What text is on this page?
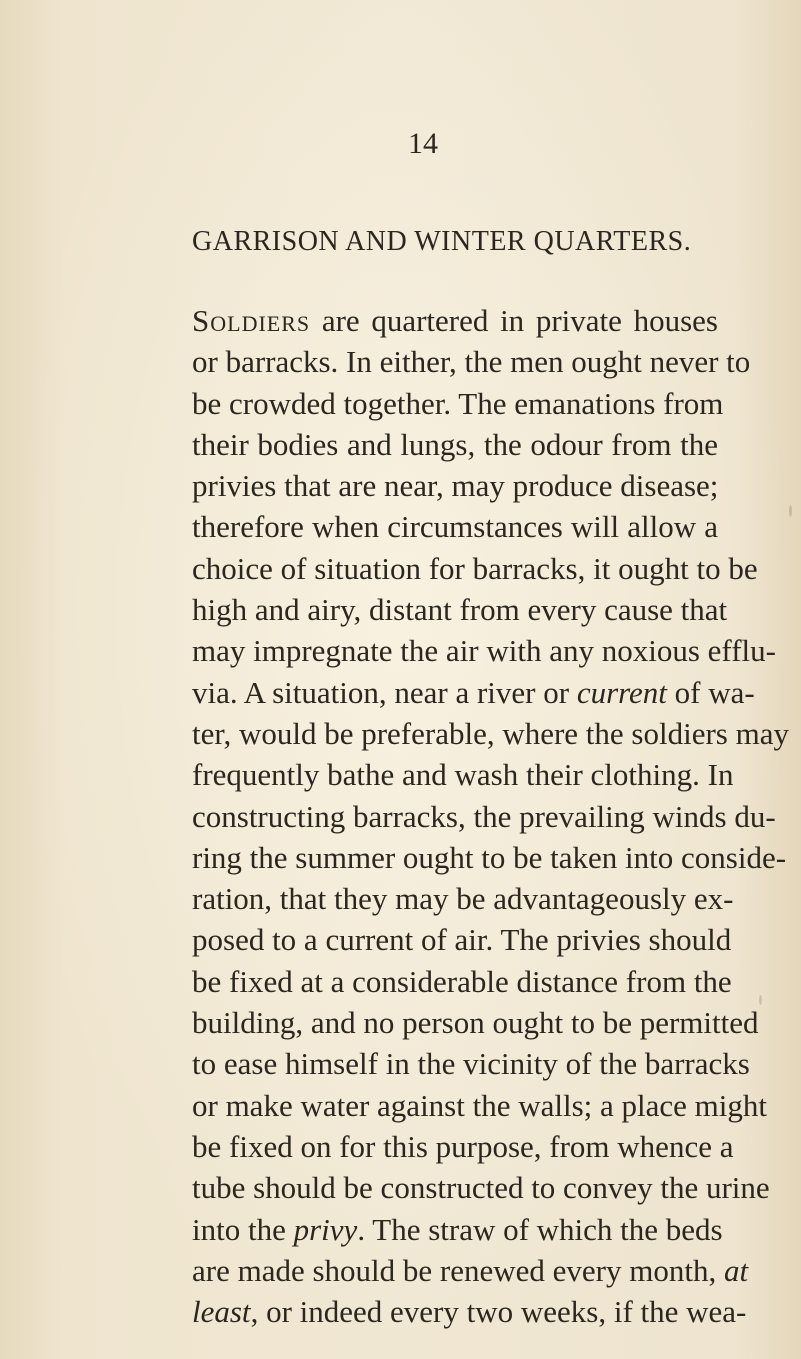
14
GARRISON AND WINTER QUARTERS.
Soldiers are quartered in private houses
or barracks. In either, the men ought never to
be crowded together. The emanations from
their bodies and lungs, the odour from the
privies that are near, may produce disease;
therefore when circumstances will allow a
choice of situation for barracks, it ought to be
high and airy, distant from every cause that
may impregnate the air with any noxious efflu-
via. A situation, near a river or current of wa-
ter, would be preferable, where the soldiers may
frequently bathe and wash their clothing. In
constructing barracks, the prevailing winds du-
ring the summer ought to be taken into conside-
ration, that they may be advantageously ex-
posed to a current of air. The privies should
be fixed at a considerable distance from the
building, and no person ought to be permitted
to ease himself in the vicinity of the barracks
or make water against the walls; a place might
be fixed on for this purpose, from whence a
tube should be constructed to convey the urine
into the privy. The straw of which the beds
are made should be renewed every month, at
least, or indeed every two weeks, if the wea-
